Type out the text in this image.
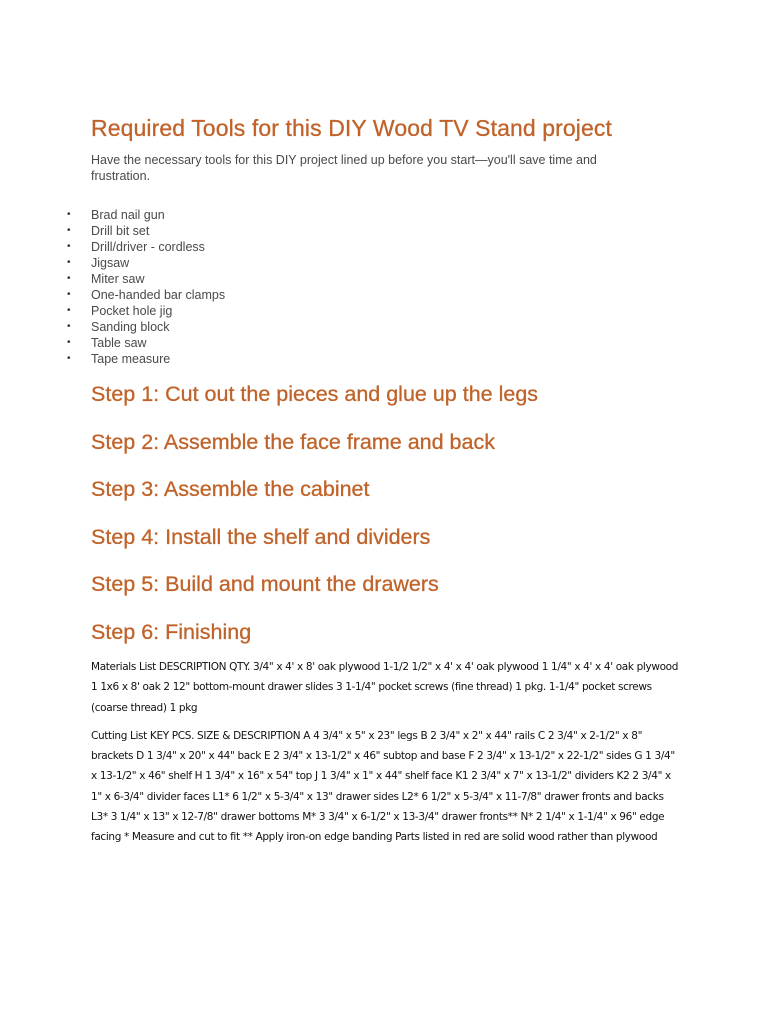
Required Tools for this DIY Wood TV Stand project

Have the necessary tools for this DIY project lined up before you start—you'll save time and frustration.

• Brad nail gun
• Drill bit set
• Drill/driver - cordless
• Jigsaw
• Miter saw
• One-handed bar clamps
• Pocket hole jig
• Sanding block
• Table saw
• Tape measure
Step 1: Cut out the pieces and glue up the legs
Step 2: Assemble the face frame and back
Step 3: Assemble the cabinet
Step 4: Install the shelf and dividers
Step 5: Build and mount the drawers
Step 6: Finishing

Materials List DESCRIPTION QTY. 3/4" x 4' x 8' oak plywood 1-1/2 1/2" x 4' x 4' oak plywood 1 1/4" x 4' x 4' oak plywood 1 1x6 x 8' oak 2 12" bottom-mount drawer slides 3 1-1/4" pocket screws (fine thread) 1 pkg. 1-1/4" pocket screws (coarse thread) 1 pkg

Cutting List KEY PCS. SIZE & DESCRIPTION A 4 3/4" x 5" x 23" legs B 2 3/4" x 2" x 44" rails C 2 3/4" x 2-1/2" x 8" brackets D 1 3/4" x 20" x 44" back E 2 3/4" x 13-1/2" x 46" subtop and base F 2 3/4" x 13-1/2" x 22-1/2" sides G 1 3/4" x 13-1/2" x 46" shelf H 1 3/4" x 16" x 54" top J 1 3/4" x 1" x 44" shelf face K1 2 3/4" x 7" x 13-1/2" dividers K2 2 3/4" x 1" x 6-3/4" divider faces L1* 6 1/2" x 5-3/4" x 13" drawer sides L2* 6 1/2" x 5-3/4" x 11-7/8" drawer fronts and backs L3* 3 1/4" x 13" x 12-7/8" drawer bottoms M* 3 3/4" x 6-1/2" x 13-3/4" drawer fronts** N* 2 1/4" x 1-1/4" x 96" edge facing * Measure and cut to fit ** Apply iron-on edge banding Parts listed in red are solid wood rather than plywood
